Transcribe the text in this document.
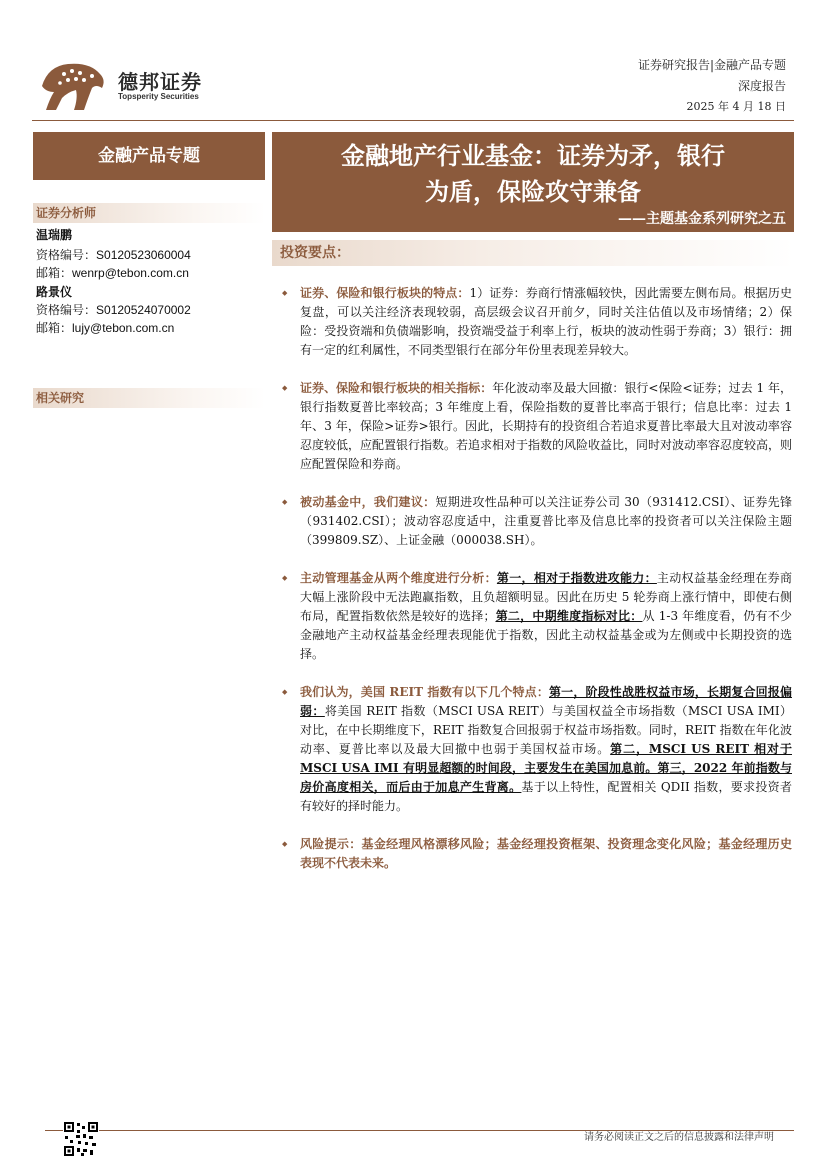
德邦证券
Topsperity Securities
证券研究报告|金融产品专题
深度报告
2025 年 4 月 18 日
金融产品专题	金融地产行业基金：证券为矛，银行
为盾，保险攻守兼备
——主题基金系列研究之五
证券分析师
温瑞鹏
资格编号：S0120523060004
邮箱：wenrp@tebon.com.cn
路景仪
资格编号：S0120524070002
邮箱：lujy@tebon.com.cn
相关研究
投资要点：
◆ 证券、保险和银行板块的特点：1）证券：券商行情涨幅较快，因此需要左侧布局。根据历史复盘，可以关注经济表现较弱，高层级会议召开前夕，同时关注估值以及市场情绪；2）保险：受投资端和负债端影响，投资端受益于利率上行，板块的波动性弱于券商；3）银行：拥有一定的红利属性，不同类型银行在部分年份里表现差异较大。
◆ 证券、保险和银行板块的相关指标：年化波动率及最大回撤：银行<保险<证券；过去 1 年，银行指数夏普比率较高；3 年维度上看，保险指数的夏普比率高于银行；信息比率：过去 1 年、3 年，保险>证券>银行。因此，长期持有的投资组合若追求夏普比率最大且对波动率容忍度较低，应配置银行指数。若追求相对于指数的风险收益比，同时对波动率容忍度较高，则应配置保险和券商。
◆ 被动基金中，我们建议：短期进攻性品种可以关注证券公司 30（931412.CSI）、证券先锋（931402.CSI）；波动容忍度适中，注重夏普比率及信息比率的投资者可以关注保险主题（399809.SZ）、上证金融（000038.SH）。
◆ 主动管理基金从两个维度进行分析：第一，相对于指数进攻能力：主动权益基金经理在券商大幅上涨阶段中无法跑赢指数，且负超额明显。因此在历史 5 轮券商上涨行情中，即使右侧布局，配置指数依然是较好的选择；第二，中期维度指标对比：从 1-3 年维度看，仍有不少金融地产主动权益基金经理表现能优于指数，因此主动权益基金或为左侧或中长期投资的选择。
◆ 我们认为，美国 REIT 指数有以下几个特点：第一，阶段性战胜权益市场，长期复合回报偏弱：将美国 REIT 指数（MSCI USA REIT）与美国权益全市场指数（MSCI USA IMI）对比，在中长期维度下，REIT 指数复合回报弱于权益市场指数。同时，REIT 指数在年化波动率、夏普比率以及最大回撤中也弱于美国权益市场。第二，MSCI US REIT 相对于 MSCI USA IMI 有明显超额的时间段，主要发生在美国加息前。第三，2022 年前指数与房价高度相关，而后由于加息产生背离。基于以上特性，配置相关 QDII 指数，要求投资者有较好的择时能力。
◆ 风险提示：基金经理风格漂移风险；基金经理投资框架、投资理念变化风险；基金经理历史表现不代表未来。
请务必阅读正文之后的信息披露和法律声明
